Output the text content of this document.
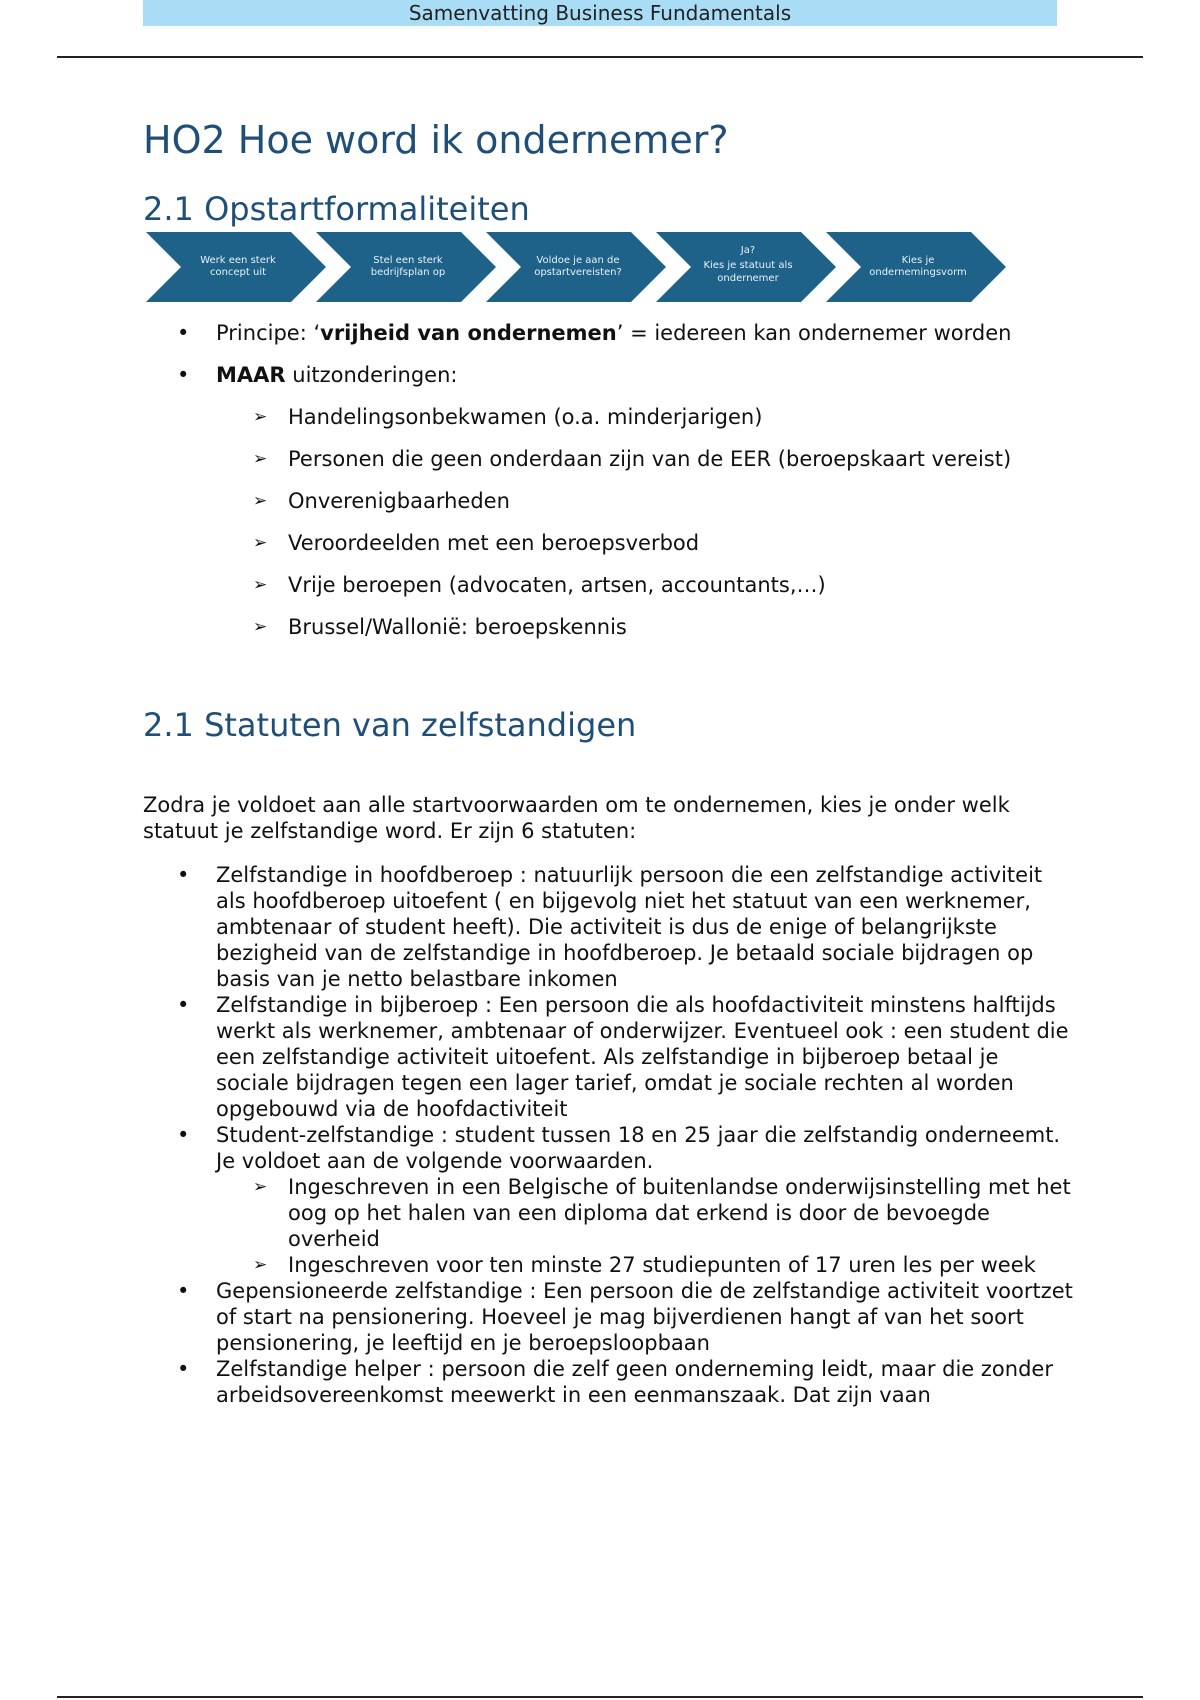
Samenvatting Business Fundamentals
HO2 Hoe word ik ondernemer?
2.1 Opstartformaliteiten
Werk een sterk
concept uit
Stel een sterk
bedrijfsplan op
Voldoe je aan de
opstartvereisten?
Ja?
Kies je statuut als
ondernemer
Kies je
ondernemingsvorm
• Principe: ‘vrijheid van ondernemen’ = iedereen kan ondernemer worden
• MAAR uitzonderingen:
➢ Handelingsonbekwamen (o.a. minderjarigen)
➢ Personen die geen onderdaan zijn van de EER (beroepskaart vereist)
➢ Onverenigbaarheden
➢ Veroordeelden met een beroepsverbod
➢ Vrije beroepen (advocaten, artsen, accountants,…)
➢ Brussel/Wallonië: beroepskennis
2.1 Statuten van zelfstandigen

Zodra je voldoet aan alle startvoorwaarden om te ondernemen, kies je onder welk statuut je zelfstandige word. Er zijn 6 statuten:

• Zelfstandige in hoofdberoep : natuurlijk persoon die een zelfstandige activiteit als hoofdberoep uitoefent ( en bijgevolg niet het statuut van een werknemer, ambtenaar of student heeft). Die activiteit is dus de enige of belangrijkste bezigheid van de zelfstandige in hoofdberoep. Je betaald sociale bijdragen op basis van je netto belastbare inkomen
• Zelfstandige in bijberoep : Een persoon die als hoofdactiviteit minstens halftijds werkt als werknemer, ambtenaar of onderwijzer. Eventueel ook : een student die een zelfstandige activiteit uitoefent. Als zelfstandige in bijberoep betaal je sociale bijdragen tegen een lager tarief, omdat je sociale rechten al worden opgebouwd via de hoofdactiviteit
• Student-zelfstandige : student tussen 18 en 25 jaar die zelfstandig onderneemt. Je voldoet aan de volgende voorwaarden.
➢ Ingeschreven in een Belgische of buitenlandse onderwijsinstelling met het oog op het halen van een diploma dat erkend is door de bevoegde overheid
➢ Ingeschreven voor ten minste 27 studiepunten of 17 uren les per week
• Gepensioneerde zelfstandige : Een persoon die de zelfstandige activiteit voortzet of start na pensionering. Hoeveel je mag bijverdienen hangt af van het soort pensionering, je leeftijd en je beroepsloopbaan
• Zelfstandige helper : persoon die zelf geen onderneming leidt, maar die zonder arbeidsovereenkomst meewerkt in een eenmanszaak. Dat zijn vaan
